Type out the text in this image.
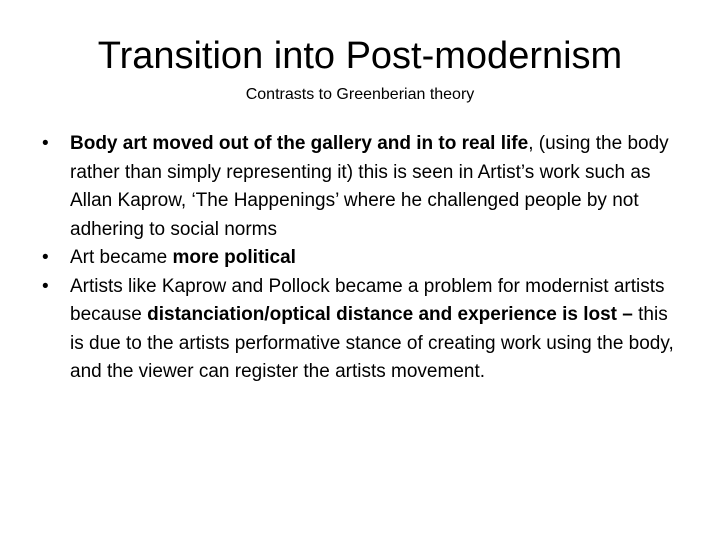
Transition into Post-modernism

Contrasts to Greenberian theory

• Body art moved out of the gallery and in to real life, (using the body rather than simply representing it) this is seen in Artist’s work such as Allan Kaprow, ‘The Happenings’ where he challenged people by not adhering to social norms
• Art became more political
• Artists like Kaprow and Pollock became a problem for modernist artists because distanciation/optical distance and experience is lost – this is due to the artists performative stance of creating work using the body, and the viewer can register the artists movement.
